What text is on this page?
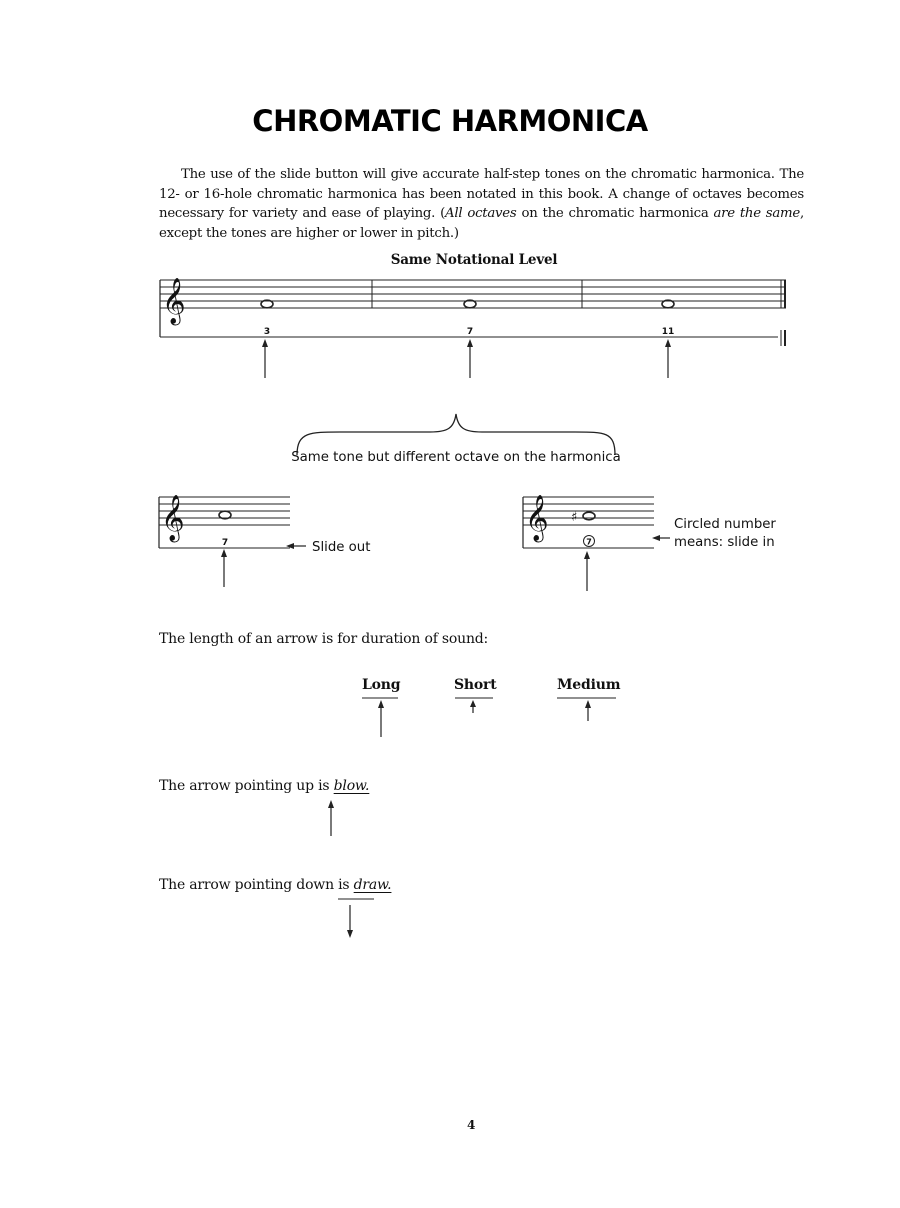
CHROMATIC HARMONICA

The use of the slide button will give accurate half-step tones on the chromatic harmonica. The 12- or 16-hole chromatic harmonica has been notated in this book. A change of octaves becomes necessary for variety and ease of playing. (All octaves on the chromatic harmonica are the same, except the tones are higher or lower in pitch.)

Same Notational Level
𝄞
3	7	11
Same tone but different octave on the harmonica
𝄞
7	Slide out
𝄞 ♯
7
Circled number
means: slide in
The length of an arrow is for duration of sound:
Long	Short	Medium
The arrow pointing up is blow.
The arrow pointing down is draw.
4
